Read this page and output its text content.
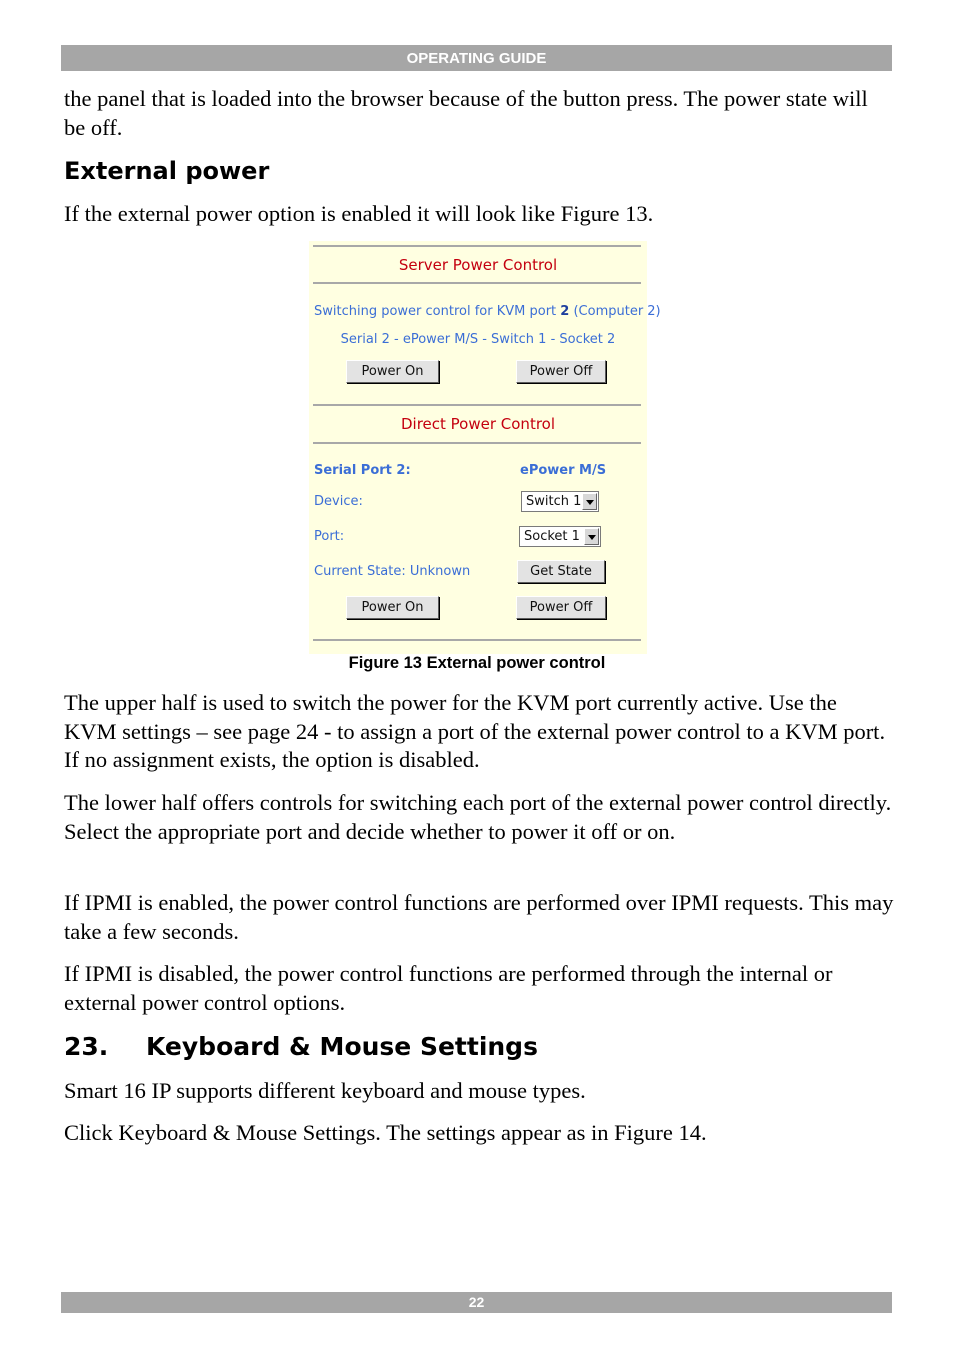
OPERATING GUIDE

the panel that is loaded into the browser because of the button press. The power state will be off.

External power

If the external power option is enabled it will look like Figure 13.

Server Power Control
Switching power control for KVM port 2 (Computer 2)
Serial 2 - ePower M/S - Switch 1 - Socket 2
Power On	Power Off
Direct Power Control
Serial Port 2:	ePower M/S
Device:	Switch 1
Port:	Socket 1
Current State: Unknown	Get State
Power On	Power Off
Figure 13 External power control

The upper half is used to switch the power for the KVM port currently active. Use the KVM settings – see page 24 - to assign a port of the external power control to a KVM port. If no assignment exists, the option is disabled.

The lower half offers controls for switching each port of the external power control directly. Select the appropriate port and decide whether to power it off or on.

If IPMI is enabled, the power control functions are performed over IPMI requests. This may take a few seconds.

If IPMI is disabled, the power control functions are performed through the internal or external power control options.

23. Keyboard & Mouse Settings

Smart 16 IP supports different keyboard and mouse types.

Click Keyboard & Mouse Settings. The settings appear as in Figure 14.

22
